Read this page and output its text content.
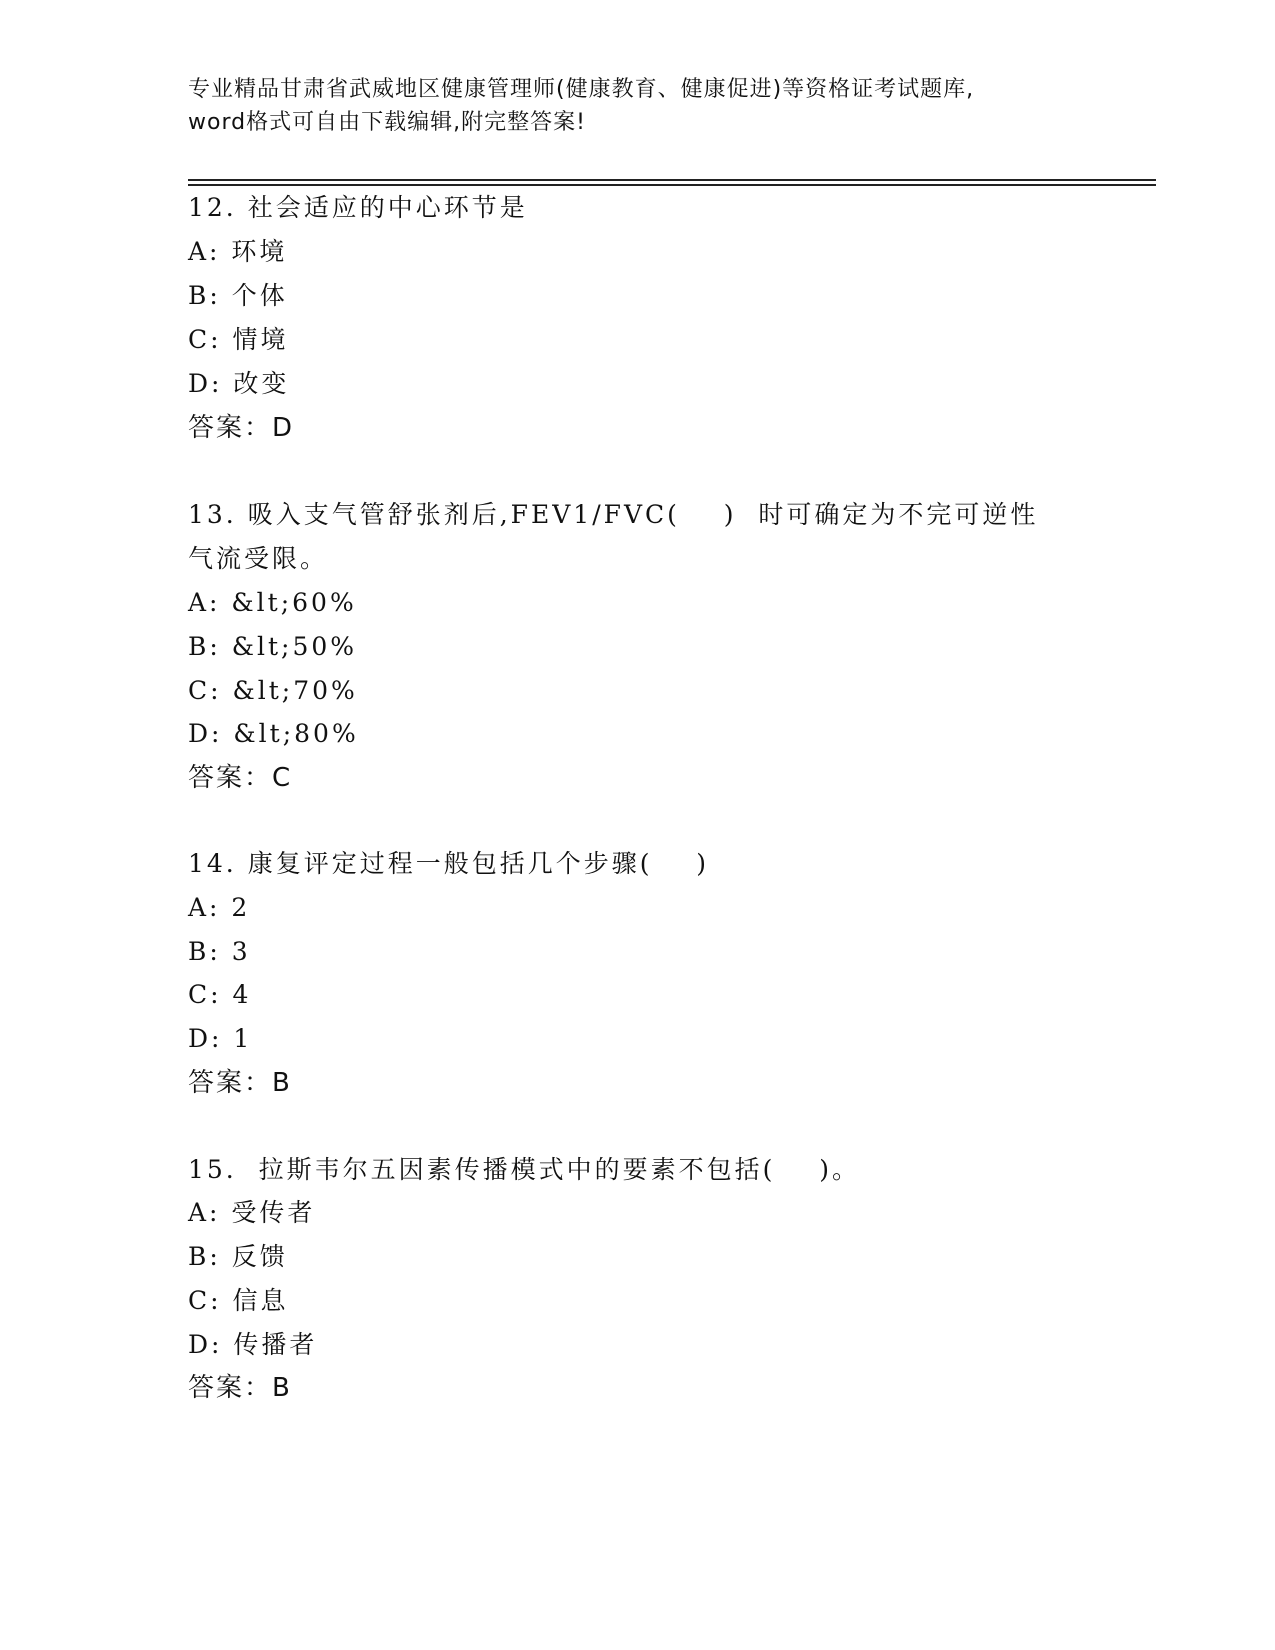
专业精品甘肃省武威地区健康管理师(健康教育、健康促进)等资格证考试题库,
word格式可自由下载编辑,附完整答案!
12. 社会适应的中心环节是
A: 环境
B: 个体
C: 情境
D: 改变
答案：D
13. 吸入支气管舒张剂后,FEV1/FVC(    )  时可确定为不完可逆性
气流受限。
A: &lt;60%
B: &lt;50%
C: &lt;70%
D: &lt;80%
答案：C
14. 康复评定过程一般包括几个步骤(    )
A: 2
B: 3
C: 4
D: 1
答案：B
15.  拉斯韦尔五因素传播模式中的要素不包括(    )。
A: 受传者
B: 反馈
C: 信息
D: 传播者
答案：B
